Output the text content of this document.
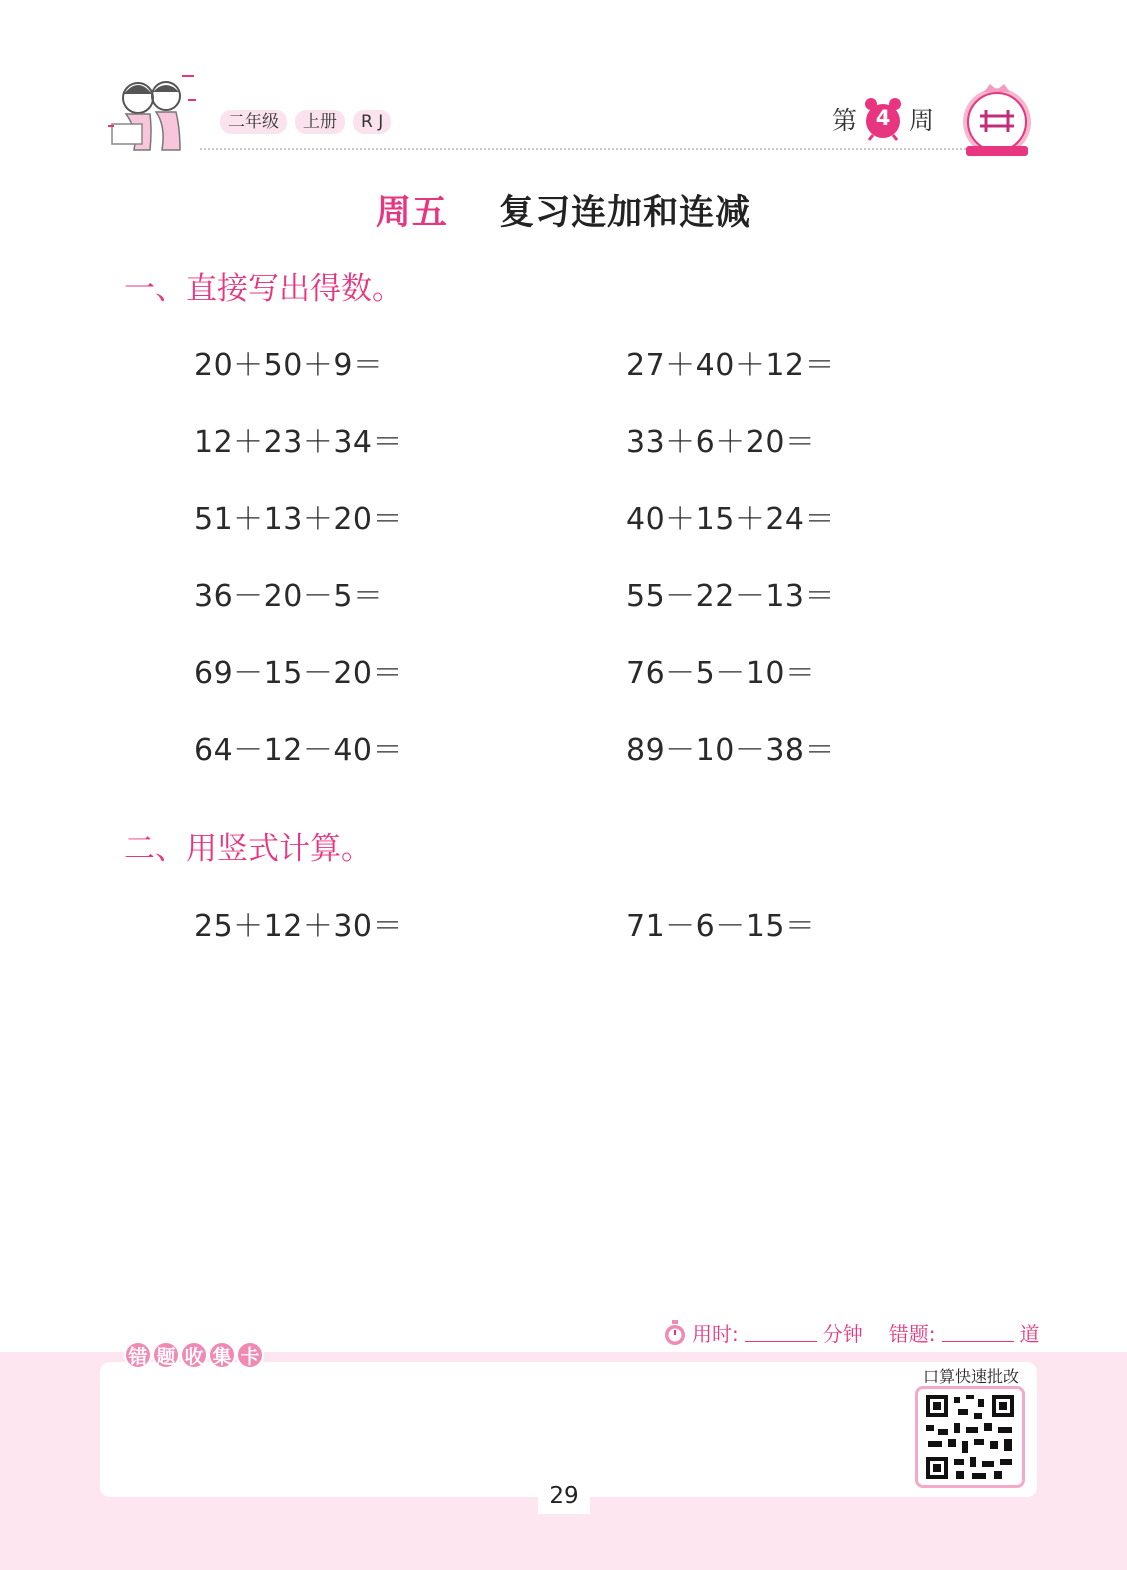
二年级	上册	R J	第 4 周
周五 复习连加和连减
一、直接写出得数。
20＋50＋9＝
12＋23＋34＝
51＋13＋20＝
36－20－5＝
69－15－20＝
64－12－40＝
27＋40＋12＝
33＋6＋20＝
40＋15＋24＝
55－22－13＝
76－5－10＝
89－10－38＝
二、用竖式计算。
25＋12＋30＝	71－6－15＝
错 题 收 集 卡
用时:	分钟 错题:	道
口算快速批改
29
